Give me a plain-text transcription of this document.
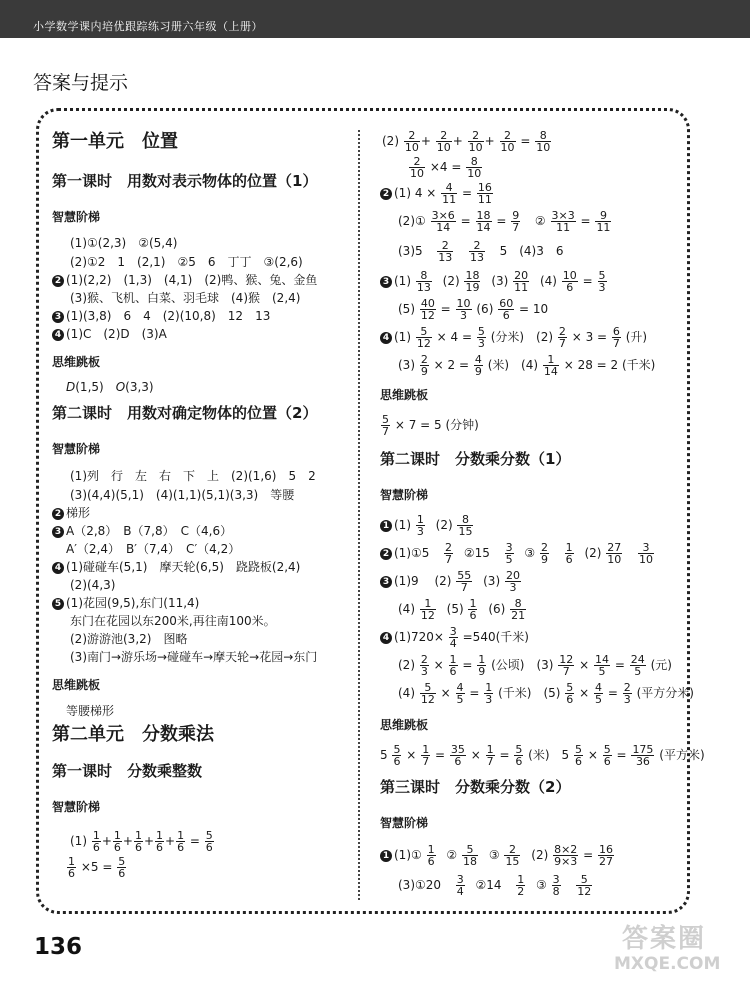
小学数学课内培优跟踪练习册六年级（上册）
答案与提示
第一单元　位置
第一课时　用数对表示物体的位置（1）
智慧阶梯
(1)①(2,3)　②(5,4)
(2)①2　1　(2,1)　②5　6　丁丁　③(2,6)
2 (1)(2,2)　(1,3)　(4,1)　(2)鸭、猴、兔、金鱼
(3)猴、飞机、白菜、羽毛球　(4)猴　(2,4)
3 (1)(3,8)　6　4　(2)(10,8)　12　13
4 (1)C　(2)D　(3)A
思维跳板
D(1,5)　O(3,3)
第二课时　用数对确定物体的位置（2）
智慧阶梯
(1)列　行　左　右　下　上　(2)(1,6)　5　2
(3)(4,4)(5,1)　(4)(1,1)(5,1)(3,3)　等腰
2 梯形
3 A（2,8）　B（7,8）　C（4,6）
A′（2,4）　B′（7,4）　C′（4,2）
4 (1)碰碰车(5,1)　摩天轮(6,5)　跷跷板(2,4)
(2)(4,3)
5 (1)花园(9,5),东门(11,4)
东门在花园以东200米,再往南100米。
(2)游游池(3,2)　图略
(3)南门→游乐场→碰碰车→摩天轮→花园→东门
思维跳板
等腰梯形
第二单元　分数乘法
第一课时　分数乘整数
智慧阶梯
$(1) \frac{1}{6} + \frac{1}{6} + \frac{1}{6} + \frac{1}{6} + \frac{1}{6} = \frac{5}{6}$
$\frac{1}{6} \times 5 = \frac{5}{6}$
$(2) \frac{2}{10} + \frac{2}{10} + \frac{2}{10} + \frac{2}{10} = \frac{8}{10}$
$\frac{2}{10} \times 4 = \frac{8}{10}$
2 (1) $4 \times \frac{4}{11} = \frac{16}{11}$
(2)① $\frac{3\times 6}{14} = \frac{18}{14} = \frac{9}{7}$ ② $\frac{3\times 3}{11} = \frac{9}{11}$
$(3)5 \frac{2}{13}$
$\frac{2}{13} 5$　(4)3　6
3 $(1) \frac{8}{13} (2) \frac{18}{19} (3) \frac{20}{11} (4) \frac{10}{6} = \frac{5}{3}$
$(5) \frac{40}{12} = \frac{10}{3} (6) \frac{60}{6} = 10$
4 $(1) \frac{5}{12} \times 4 = \frac{5}{3}$ (分米)　$(2) \frac{2}{7} \times 3 = \frac{6}{7}$ (升)
$(3) \frac{2}{9} \times 2 = \frac{4}{9}$ (米)　$(4) \frac{1}{14} \times 28 = 2$ (千米)
思维跳板
$\frac{5}{7} \times 7 = 5$ (分钟)
第二课时　分数乘分数（1）
智慧阶梯
1 $(1) \frac{1}{3} (2) \frac{8}{15}$
2 (1)①5 $\frac{2}{7}$ ②15 $\frac{3}{5}$ ③ $\frac{2}{9}$
$\frac{1}{6} (2) \frac{27}{10}$
$\frac{3}{10}$
3 (1)9 $(2) \frac{55}{7} (3) \frac{20}{3}$
$(4) \frac{1}{12} (5) \frac{1}{6} (6) \frac{8}{21}$
4 $(1)720\times \frac{3}{4} =540$(千米)
$(2) \frac{2}{3} \times \frac{1}{6} = \frac{1}{9}$ (公顷)　$(3) \frac{12}{7} \times \frac{14}{5} = \frac{24}{5}$ (元)
$(4) \frac{5}{12} \times \frac{4}{5} = \frac{1}{3}$ (千米)　$(5) \frac{5}{6} \times \frac{4}{5} = \frac{2}{3}$ (平方分米)
思维跳板
$5 \frac{5}{6} \times \frac{1}{7} = \frac{35}{6} \times \frac{1}{7} = \frac{5}{6}$ (米)　$5 \frac{5}{6} \times \frac{5}{6} = \frac{175}{36}$ (平方米)
第三课时　分数乘分数（2）
智慧阶梯
1 (1)① $\frac{1}{6}$ ② $\frac{5}{18}$ ③ $\frac{2}{15} (2) \frac{8\times 2}{9\times 3} = \frac{16}{27}$
(3)①20 $\frac{3}{4}$ ②14 $\frac{1}{2}$ ③ $\frac{3}{8}$
$\frac{5}{12}$
136	答案圈
MXQE.COM
